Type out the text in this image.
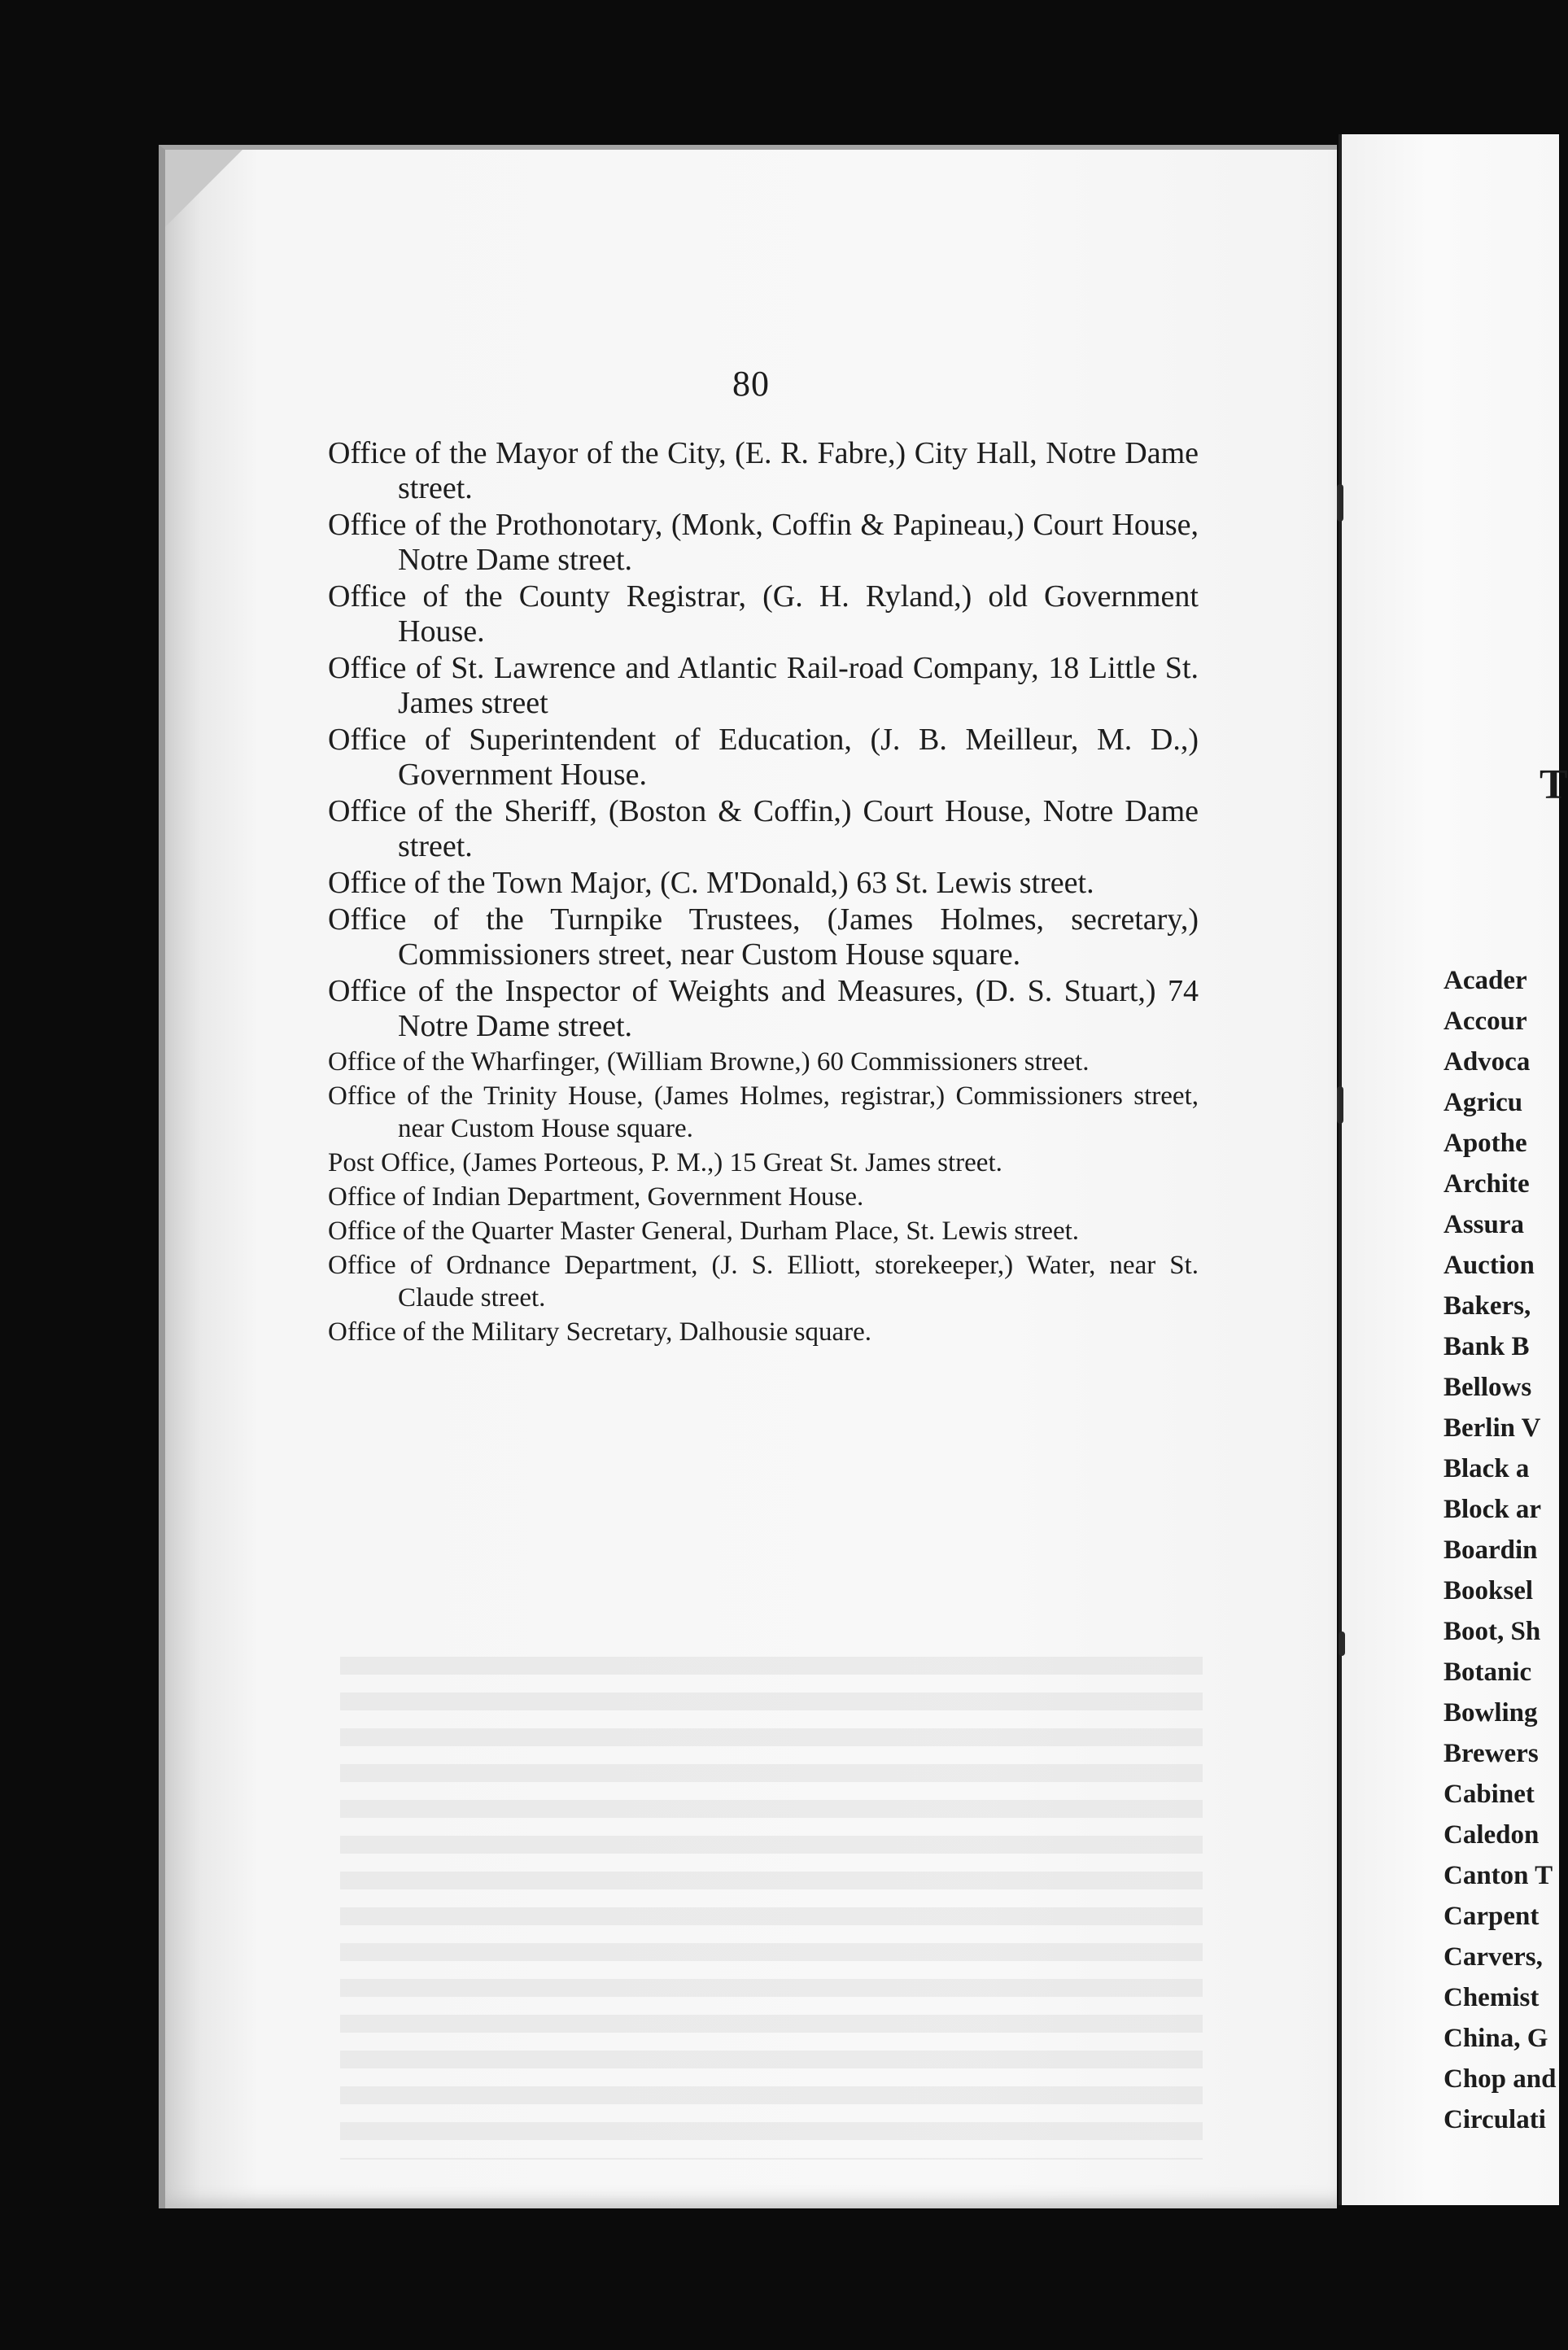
80

Office of the Mayor of the City, (E. R. Fabre,) City Hall, Notre Dame street.

Office of the Prothonotary, (Monk, Coffin & Papineau,) Court House, Notre Dame street.

Office of the County Registrar, (G. H. Ryland,) old Government House.

Office of St. Lawrence and Atlantic Rail-road Company, 18 Little St. James street

Office of Superintendent of Education, (J. B. Meilleur, M. D.,) Government House.

Office of the Sheriff, (Boston & Coffin,) Court House, Notre Dame street.

Office of the Town Major, (C. M'Donald,) 63 St. Lewis street.

Office of the Turnpike Trustees, (James Holmes, secretary,) Commissioners street, near Custom House square.

Office of the Inspector of Weights and Measures, (D. S. Stuart,) 74 Notre Dame street.

Office of the Wharfinger, (William Browne,) 60 Commissioners street.

Office of the Trinity House, (James Holmes, registrar,) Commissioners street, near Custom House square.

Post Office, (James Porteous, P. M.,) 15 Great St. James street.

Office of Indian Department, Government House.

Office of the Quarter Master General, Durham Place, St. Lewis street.

Office of Ordnance Department, (J. S. Elliott, storekeeper,) Water, near St. Claude street.

Office of the Military Secretary, Dalhousie square.

T
Acader
Accour
Advoca
Agricu
Apothe
Archite
Assura
Auction
Bakers,
Bank B
Bellows
Berlin V
Black a
Block ar
Boardin
Booksel
Boot, Sh
Botanic
Bowling
Brewers
Cabinet
Caledon
Canton T
Carpent
Carvers,
Chemist
China, G
Chop and
Circulati
